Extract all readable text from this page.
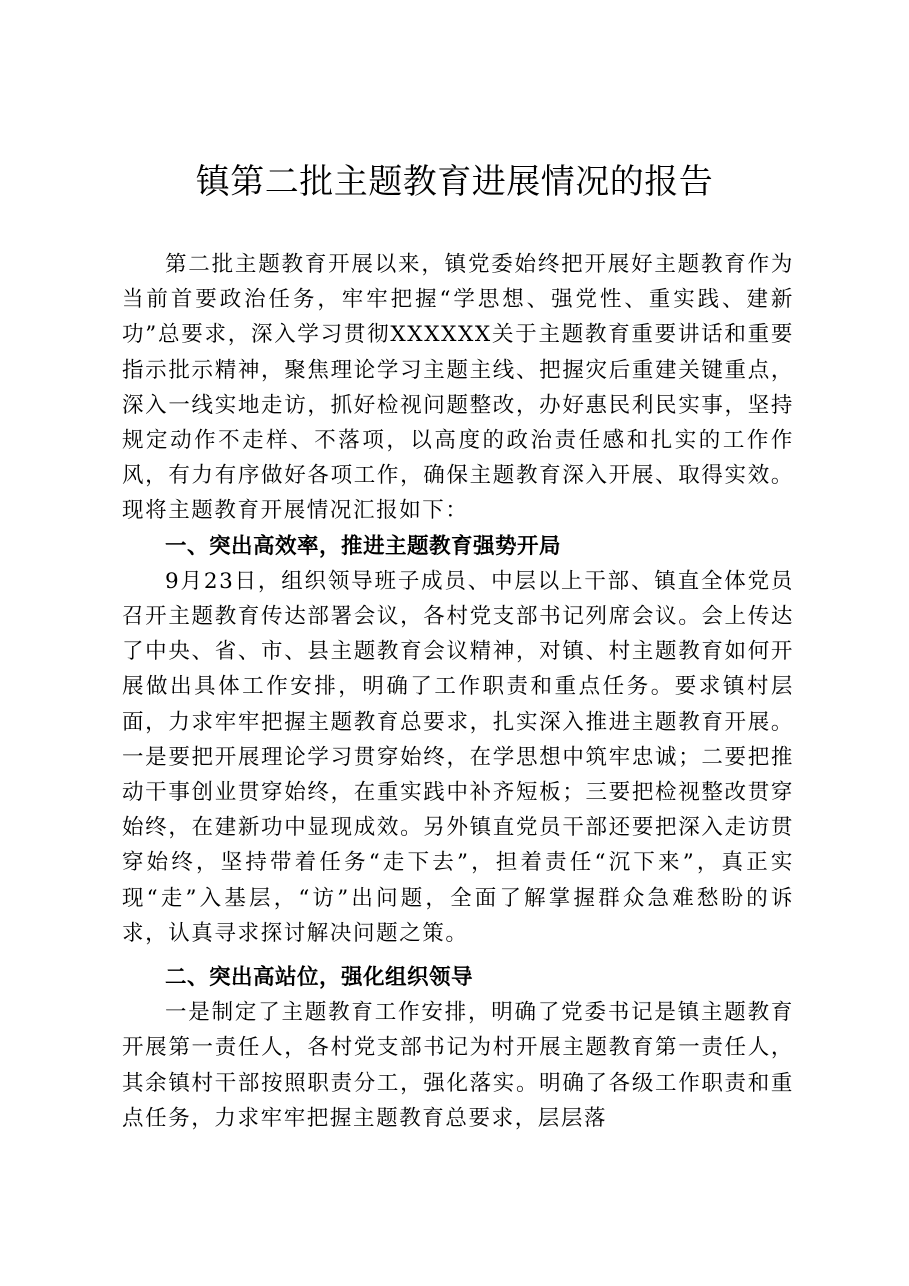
镇第二批主题教育进展情况的报告

第二批主题教育开展以来，镇党委始终把开展好主题教育作为当前首要政治任务，牢牢把握“学思想、强党性、重实践、建新功”总要求，深入学习贯彻XXXXXX关于主题教育重要讲话和重要指示批示精神，聚焦理论学习主题主线、把握灾后重建关键重点，深入一线实地走访，抓好检视问题整改，办好惠民利民实事，坚持规定动作不走样、不落项，以高度的政治责任感和扎实的工作作风，有力有序做好各项工作，确保主题教育深入开展、取得实效。现将主题教育开展情况汇报如下：

一、突出高效率，推进主题教育强势开局

9月23日，组织领导班子成员、中层以上干部、镇直全体党员召开主题教育传达部署会议，各村党支部书记列席会议。会上传达了中央、省、市、县主题教育会议精神，对镇、村主题教育如何开展做出具体工作安排，明确了工作职责和重点任务。要求镇村层面，力求牢牢把握主题教育总要求，扎实深入推进主题教育开展。一是要把开展理论学习贯穿始终，在学思想中筑牢忠诚；二要把推动干事创业贯穿始终，在重实践中补齐短板；三要把检视整改贯穿始终，在建新功中显现成效。另外镇直党员干部还要把深入走访贯穿始终，坚持带着任务“走下去”，担着责任“沉下来”，真正实现“走”入基层，“访”出问题，全面了解掌握群众急难愁盼的诉求，认真寻求探讨解决问题之策。

二、突出高站位，强化组织领导

一是制定了主题教育工作安排，明确了党委书记是镇主题教育开展第一责任人，各村党支部书记为村开展主题教育第一责任人，其余镇村干部按照职责分工，强化落实。明确了各级工作职责和重点任务，力求牢牢把握主题教育总要求，层层落
